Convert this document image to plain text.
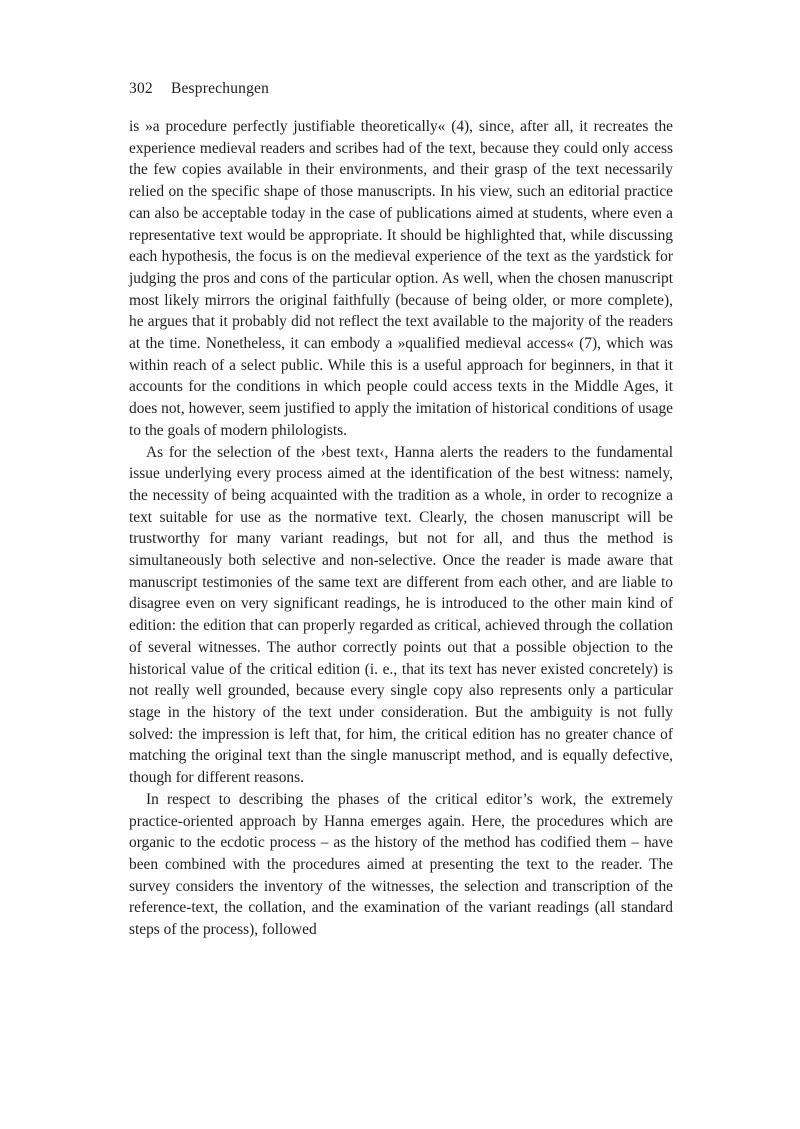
302 Besprechungen

is »a procedure perfectly justifiable theoretically« (4), since, after all, it recreates the experience medieval readers and scribes had of the text, because they could only access the few copies available in their environments, and their grasp of the text necessarily relied on the specific shape of those manuscripts. In his view, such an editorial practice can also be acceptable today in the case of publications aimed at students, where even a representative text would be appropriate. It should be highlighted that, while discussing each hypothesis, the focus is on the medieval experience of the text as the yardstick for judging the pros and cons of the particular option. As well, when the chosen manuscript most likely mirrors the original faithfully (because of being older, or more complete), he argues that it probably did not reflect the text available to the majority of the readers at the time. Nonetheless, it can embody a »qualified medieval access« (7), which was within reach of a select public. While this is a useful approach for beginners, in that it accounts for the conditions in which people could access texts in the Middle Ages, it does not, however, seem justified to apply the imitation of historical conditions of usage to the goals of modern philologists.

As for the selection of the ›best text‹, Hanna alerts the readers to the fundamental issue underlying every process aimed at the identification of the best witness: namely, the necessity of being acquainted with the tradition as a whole, in order to recognize a text suitable for use as the normative text. Clearly, the chosen manuscript will be trustworthy for many variant readings, but not for all, and thus the method is simultaneously both selective and non-selective. Once the reader is made aware that manuscript testimonies of the same text are different from each other, and are liable to disagree even on very significant readings, he is introduced to the other main kind of edition: the edition that can properly regarded as critical, achieved through the collation of several witnesses. The author correctly points out that a possible objection to the historical value of the critical edition (i. e., that its text has never existed concretely) is not really well grounded, because every single copy also represents only a particular stage in the history of the text under consideration. But the ambiguity is not fully solved: the impression is left that, for him, the critical edition has no greater chance of matching the original text than the single manuscript method, and is equally defective, though for different reasons.

In respect to describing the phases of the critical editor’s work, the extremely practice-oriented approach by Hanna emerges again. Here, the procedures which are organic to the ecdotic process – as the history of the method has codified them – have been combined with the procedures aimed at presenting the text to the reader. The survey considers the inventory of the witnesses, the selection and transcription of the reference-text, the collation, and the examination of the variant readings (all standard steps of the process), followed
